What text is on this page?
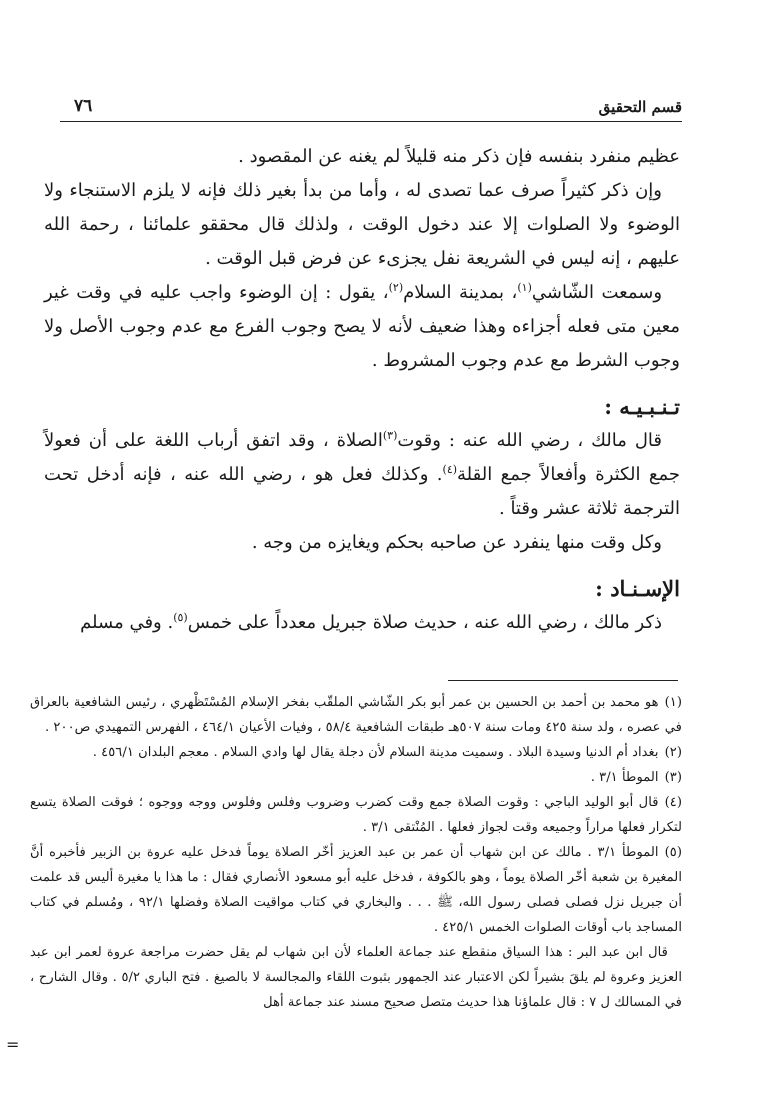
قسم التحقيق
٧٦

عظيم منفرد بنفسه فإن ذكر منه قليلاً لم يغنه عن المقصود .

وإن ذكر كثيراً صرف عما تصدى له ، وأما من بدأ بغير ذلك فإنه لا يلزم الاستنجاء ولا الوضوء ولا الصلوات إلا عند دخول الوقت ، ولذلك قال محققو علمائنا ، رحمة الله عليهم ، إنه ليس في الشريعة نفل يجزىء عن فرض قبل الوقت .

وسمعت الشّاشي$^{(١)}$، بمدينة السلام$^{(٢)}$، يقول : إن الوضوء واجب عليه في وقت غير معين متى فعله أجزاءه وهذا ضعيف لأنه لا يصح وجوب الفرع مع عدم وجوب الأصل ولا وجوب الشرط مع عدم وجوب المشروط .

تـنـبـيـه :

قال مالك ، رضي الله عنه : وقوت$^{(٣)}$الصلاة ، وقد اتفق أرباب اللغة على أن فعولاً جمع الكثرة وأفعالاً جمع القلة$^{(٤)}$. وكذلك فعل هو ، رضي الله عنه ، فإنه أدخل تحت الترجمة ثلاثة عشر وقتاً .

وكل وقت منها ينفرد عن صاحبه بحكم ويغايزه من وجه .

الإسـنـاد :

ذكر مالك ، رضي الله عنه ، حديث صلاة جبريل معدداً على خمس$^{(٥)}$. وفي مسلم

(١)هو محمد بن أحمد بن الحسين بن عمر أبو بكر الشّاشي الملقّب بفخر الإسلام المُسْتَظْهري ، رئيس الشافعية بالعراق في عصره ، ولد سنة ٤٢٥ ومات سنة ٥٠٧هـ طبقات الشافعية ٥٨/٤ ، وفيات الأعيان ٤٦٤/١ ، الفهرس التمهيدي ص٢٠٠ .

(٢)بغداد أم الدنيا وسيدة البلاد . وسميت مدينة السلام لأن دجلة يقال لها وادي السلام . معجم البلدان ٤٥٦/١ .

(٣)الموطأ ٣/١ .

(٤)قال أبو الوليد الباجي : وقوت الصلاة جمع وقت كضرب وضروب وفلس وفلوس ووجه ووجوه ؛ فوقت الصلاة يتسع لتكرار فعلها مراراً وجميعه وقت لجواز فعلها . المُنْتقى ٣/١ .

(٥)الموطأ ٣/١ . مالك عن ابن شهاب أن عمر بن عبد العزيز أخّر الصلاة يوماً فدخل عليه عروة بن الزبير فأخبره أنَّ المغيرة بن شعبة أخّر الصلاة يوماً ، وهو بالكوفة ، فدخل عليه أبو مسعود الأنصاري فقال : ما هذا يا مغيرة أليس قد علمت أن جبريل نزل فصلى فصلى رسول الله، ﷺ . . . والبخاري في كتاب مواقيت الصلاة وفضلها ٩٢/١ ، ومُسلم في كتاب المساجد باب أوقات الصلوات الخمس ٤٢٥/١ .

قال ابن عبد البر : هذا السياق منقطع عند جماعة العلماء لأن ابن شهاب لم يقل حضرت مراجعة عروة لعمر ابن عبد العزيز وعروة لم يلقَ بشيراً لكن الاعتبار عند الجمهور بثبوت اللقاء والمجالسة لا بالصيغ . فتح الباري ٥/٢ . وقال الشارح ، في المسالك ل ٧ : قال علماؤنا هذا حديث متصل صحيح مسند عند جماعة أهل

=
